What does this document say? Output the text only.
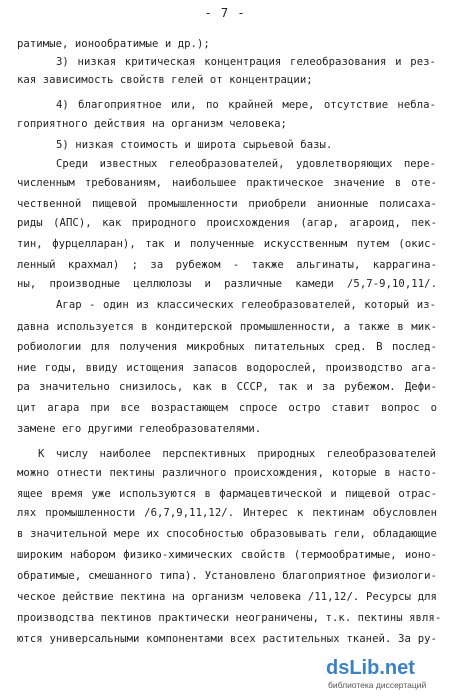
- 7 -
ратимые, ионообратимые и др.);
3) низкая критическая концентрация гелеобразования и рез-
кая зависимость свойств гелей от концентрации;
4) благоприятное или, по крайней мере, отсутствие небла-
гоприятного действия на организм человека;
5) низкая стоимость и широта сырьевой базы.
Среди известных гелеобразователей, удовлетворяющих пере-
численным требованиям, наибольшее практическое значение в оте-
чественной пищевой промышленности приобрели анионные полисаха-
риды (АПС), как природного происхождения (агар, агароид, пек-
тин, фурцелларан), так и полученные искусственным путем (окис-
ленный крахмал) ; за рубежом - также альгинаты, каррагина-
ны, производные целлюлозы и различные камеди /5,7-9,10,11/.
Агар - один из классических гелеобразователей, который из-
давна используется в кондитерской промышленности, а также в мик-
робиологии для получения микробных питательных сред. В послед-
ние годы, ввиду истощения запасов водорослей, производство ага-
ра значительно снизилось, как в СССР, так и за рубежом. Дефи-
цит агара при все возрастающем спросе остро ставит вопрос о
замене его другими гелеобразователями.
К числу наиболее перспективных природных гелеобразователей
можно отнести пектины различного происхождения, которые в насто-
ящее время уже используются в фармацевтической и пищевой отрас-
лях промышленности /6,7,9,11,12/. Интерес к пектинам обусловлен
в значительной мере их способностью образовывать гели, обладающие
широким набором физико-химических свойств (термообратимые, ионо-
обратимые, смешанного типа). Установлено благоприятное физиологи-
ческое действие пектина на организм человека /11,12/. Ресурсы для
производства пектинов практически неограничены, т.к. пектины явля-
ются универсальными компонентами всех растительных тканей. За ру-
dsLib.net
библиотека диссертаций
